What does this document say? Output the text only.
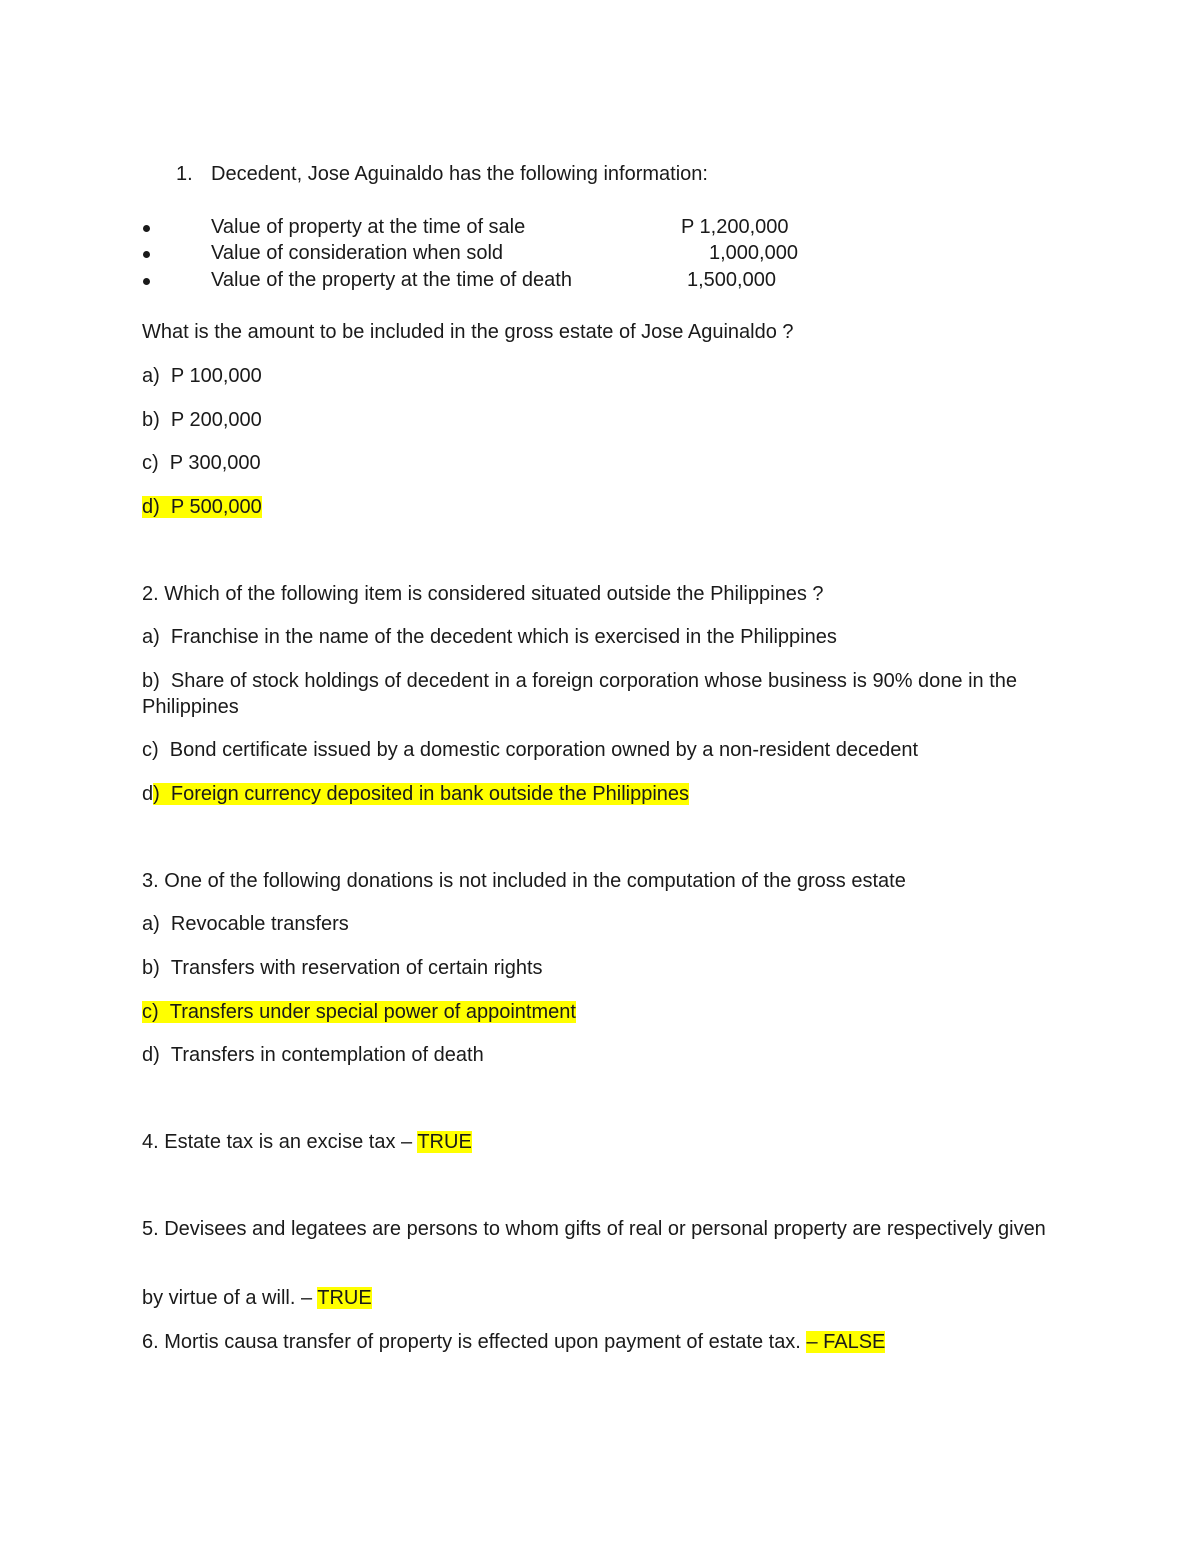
1. Decedent, Jose Aguinaldo has the following information:
Value of property at the time of sale	P 1,200,000
Value of consideration when sold	1,000,000
Value of the property at the time of death	1,500,000
What is the amount to be included in the gross estate of Jose Aguinaldo ?
a) P 100,000
b) P 200,000
c) P 300,000
d) P 500,000
2. Which of the following item is considered situated outside the Philippines ?
a) Franchise in the name of the decedent which is exercised in the Philippines
b) Share of stock holdings of decedent in a foreign corporation whose business is 90% done in the Philippines
c) Bond certificate issued by a domestic corporation owned by a non-resident decedent
d) Foreign currency deposited in bank outside the Philippines
3. One of the following donations is not included in the computation of the gross estate
a) Revocable transfers
b) Transfers with reservation of certain rights
c) Transfers under special power of appointment
d) Transfers in contemplation of death
4. Estate tax is an excise tax – TRUE
5. Devisees and legatees are persons to whom gifts of real or personal property are respectively given
by virtue of a will. – TRUE
6. Mortis causa transfer of property is effected upon payment of estate tax. – FALSE
